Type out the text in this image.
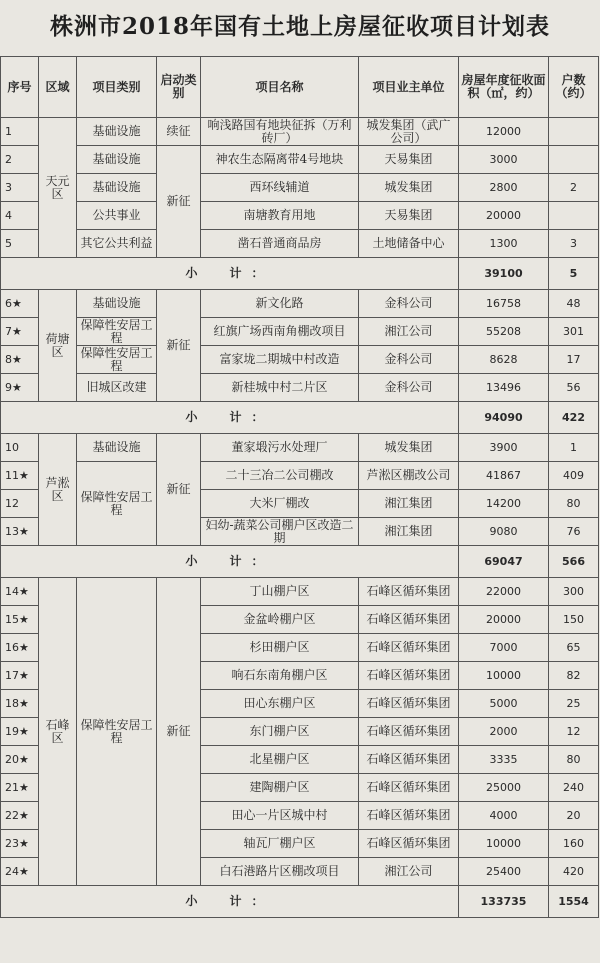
株洲市2018年国有土地上房屋征收项目计划表
序号	区域	项目类别	启动类别	项目名称	项目业主单位	房屋年度征收面积（㎡，约）	户数（约）
1	天元区	基础设施	续征	响浅路国有地块征拆（万利砖厂）	城发集团（武广公司）	12000	
2		基础设施	新征	神农生态隔离带4号地块	天易集团	3000	
3		基础设施		西环线辅道	城发集团	2800	2
4		公共事业		南塘教育用地	天易集团	20000	
5		其它公共利益		凿石普通商品房	土地储备中心	1300	3
小　计：						39100	5
6★	荷塘区	基础设施	新征	新文化路	金科公司	16758	48
7★		保障性安居工程		红旗广场西南角棚改项目	湘江公司	55208	301
8★		保障性安居工程		富家垅二期城中村改造	金科公司	8628	17
9★		旧城区改建		新桂城中村二片区	金科公司	13496	56
小　计：						94090	422
10	芦淞区	基础设施	新征	董家塅污水处理厂	城发集团	3900	1
11★		保障性安居工程		二十三冶二公司棚改	芦淞区棚改公司	41867	409
12				大米厂棚改	湘江集团	14200	80
13★				妇幼-蔬菜公司棚户区改造二期	湘江集团	9080	76
小　计：						69047	566
14★	石峰区	保障性安居工程	新征	丁山棚户区	石峰区循环集团	22000	300
15★				金盆岭棚户区	石峰区循环集团	20000	150
16★				杉田棚户区	石峰区循环集团	7000	65
17★				响石东南角棚户区	石峰区循环集团	10000	82
18★				田心东棚户区	石峰区循环集团	5000	25
19★				东门棚户区	石峰区循环集团	2000	12
20★				北星棚户区	石峰区循环集团	3335	80
21★				建陶棚户区	石峰区循环集团	25000	240
22★				田心一片区城中村	石峰区循环集团	4000	20
23★				轴瓦厂棚户区	石峰区循环集团	10000	160
24★				白石港路片区棚改项目	湘江公司	25400	420
小　计：						133735	1554
